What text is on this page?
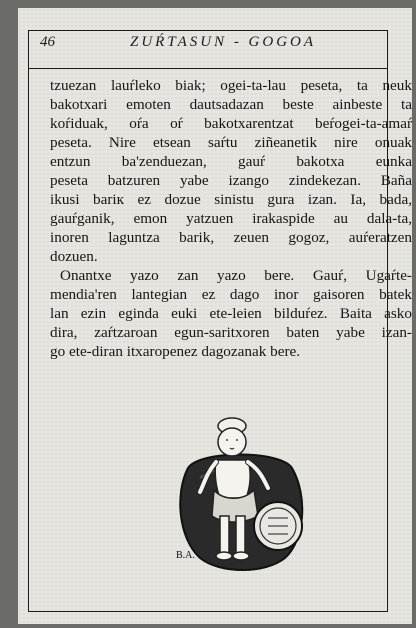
46	ZUŔTASUN - GOGOA
tzuezan lauŕleko biak; ogei-ta-lau peseta, ta neuk
bakotxari emoten dautsadazan beste ainbeste ta
koŕiduak, oŕa oŕ bakotxarentzat beŕogei-ta-amaŕ
peseta. Nire etsean saŕtu ziñeanetik nire onuak
entzun ba'zenduezan, gauŕ bakotxa eunka
peseta batzuren yabe izango zindekezan. Baña
ikusi bariк ez dozue sinistu gura izan. Ia, bada,
gauŕganik, emon yatzuen irakaspide au dala-ta,
inoren laguntza barik, zeuen gogoz, auŕeratzen
dozuen.
Onantxe yazo zan yazo bere. Gauŕ, Ugaŕte-
mendia'ren lantegian ez dago inor gaisoren batek
lan ezin eginda euki ete-leien bilduŕez. Baita asko
dira, zaŕtzaroan egun-saritxoren baten yabe izan-
go ete-diran itxaropenez dagozanak bere.
B.A.
